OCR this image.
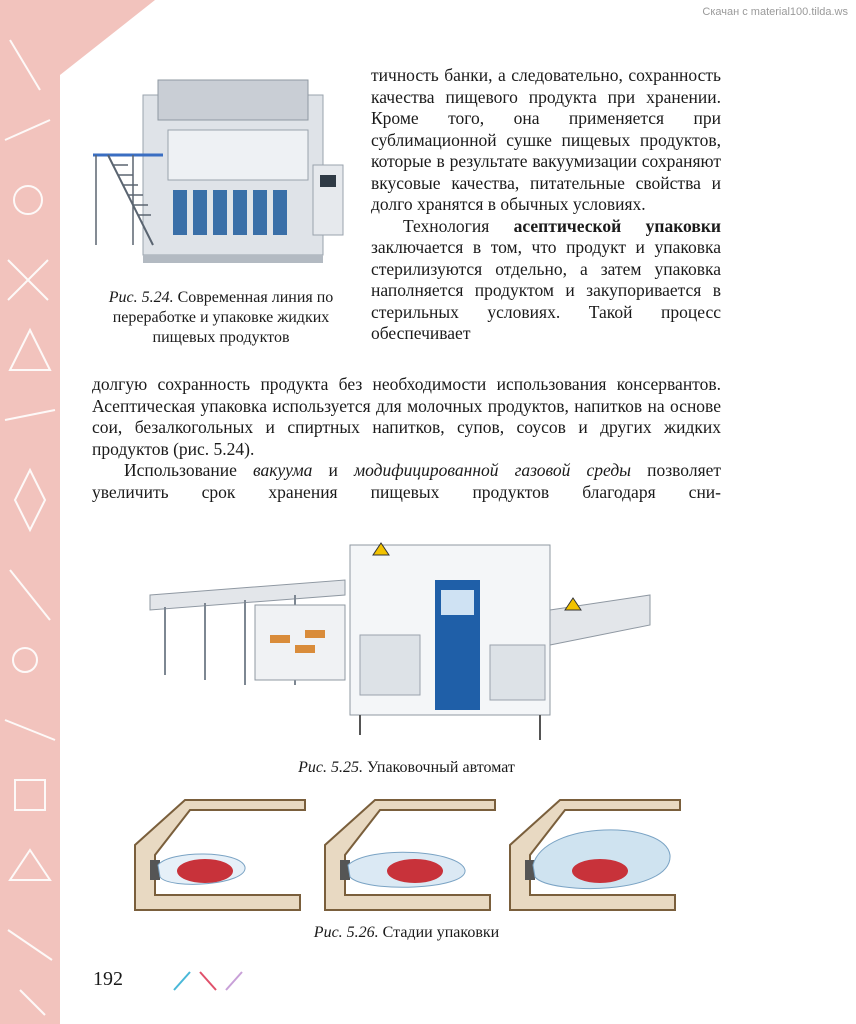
Скачан с material100.tilda.ws
Рис. 5.24. Современная линия по переработке и упаковке жидких пищевых продуктов

тичность банки, а следовательно, сохранность качества пищевого продукта при хранении. Кроме того, она применяется при сублимационной сушке пищевых продуктов, которые в результате вакуумизации сохраняют вкусовые качества, питательные свойства и долго хранятся в обычных условиях.

Технология асептической упаковки заключается в том, что продукт и упаковка стерилизуются отдельно, а затем упаковка наполняется продуктом и закупоривается в стерильных условиях. Такой процесс обеспечивает

долгую сохранность продукта без необходимости использования консервантов. Асептическая упаковка используется для молочных продуктов, напитков на основе сои, безалкогольных и спиртных напитков, супов, соусов и других жидких продуктов (рис. 5.24).

Использование вакуума и модифицированной газовой среды позволяет увеличить срок хранения пищевых продуктов благодаря сни-

Рис. 5.25. Упаковочный автомат
Рис. 5.26. Стадии упаковки
192
